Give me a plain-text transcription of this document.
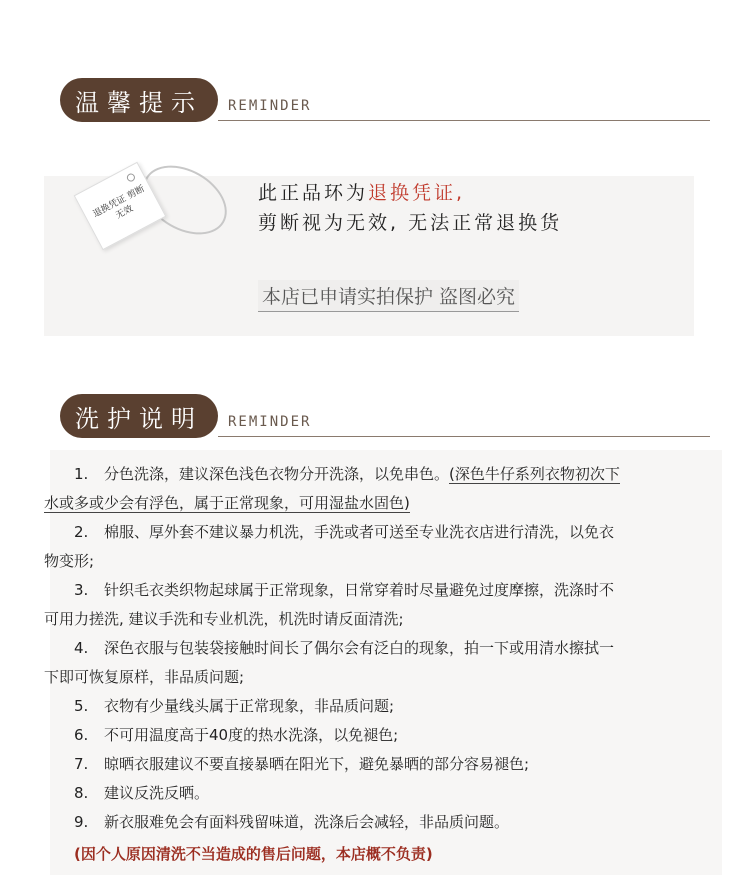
温馨提示	REMINDER
退换凭证 剪断无效
此正品环为退换凭证,
剪断视为无效, 无法正常退换货
本店已申请实拍保护 盗图必究
洗护说明	REMINDER
1. 分色洗涤，建议深色浅色衣物分开洗涤，以免串色。(深色牛仔系列衣物初次下
水或多或少会有浮色，属于正常现象，可用湿盐水固色)
2. 棉服、厚外套不建议暴力机洗，手洗或者可送至专业洗衣店进行清洗，以免衣
物变形;
3. 针织毛衣类织物起球属于正常现象，日常穿着时尽量避免过度摩擦，洗涤时不
可用力搓洗, 建议手洗和专业机洗，机洗时请反面清洗;
4. 深色衣服与包装袋接触时间长了偶尔会有泛白的现象，拍一下或用清水擦拭一
下即可恢复原样，非品质问题;
5. 衣物有少量线头属于正常现象，非品质问题;
6. 不可用温度高于40度的热水洗涤，以免褪色;
7. 晾晒衣服建议不要直接暴晒在阳光下，避免暴晒的部分容易褪色;
8. 建议反洗反晒。
9. 新衣服难免会有面料残留味道，洗涤后会减轻，非品质问题。
(因个人原因清洗不当造成的售后问题，本店概不负责)
